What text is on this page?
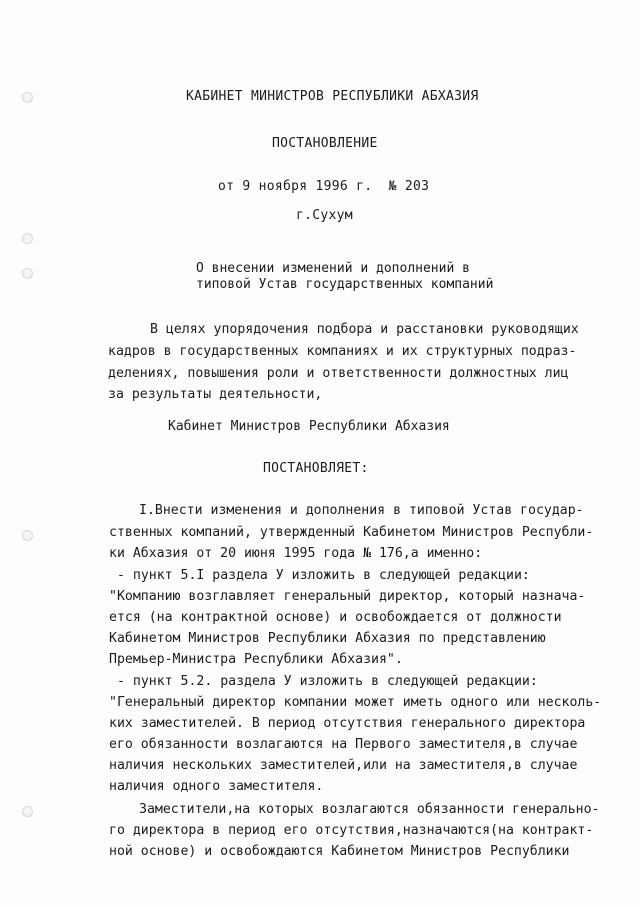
КАБИНЕТ МИНИСТРОВ РЕСПУБЛИКИ АБХАЗИЯ
ПОСТАНОВЛЕНИЕ
от 9 ноября 1996 г.  № 203
г.Сухум
О внесении изменений и дополнений в
типовой Устав государственных компаний
В целях упорядочения подбора и расстановки руководящих
кадров в государственных компаниях и их структурных подраз-
делениях, повышения роли и ответственности должностных лиц
за результаты деятельности,
Кабинет Министров Республики Абхазия
ПОСТАНОВЛЯЕТ:
I.Внести изменения и дополнения в типовой Устав государ-
ственных компаний, утвержденный Кабинетом Министров Республи-
ки Абхазия от 20 июня 1995 года № 176,а именно:
- пункт 5.I раздела У изложить в следующей редакции:
"Компанию возглавляет генеральный директор, который назнача-
ется (на контрактной основе) и освобождается от должности
Кабинетом Министров Республики Абхазия по представлению
Премьер-Министра Республики Абхазия".
- пункт 5.2. раздела У изложить в следующей редакции:
"Генеральный директор компании может иметь одного или несколь-
ких заместителей. В период отсутствия генерального директора
его обязанности возлагаются на Первого заместителя,в случае
наличия нескольких заместителей,или на заместителя,в случае
наличия одного заместителя.
Заместители,на которых возлагаются обязанности генерально-
го директора в период его отсутствия,назначаются(на контракт-
ной основе) и освобождаются Кабинетом Министров Республики
